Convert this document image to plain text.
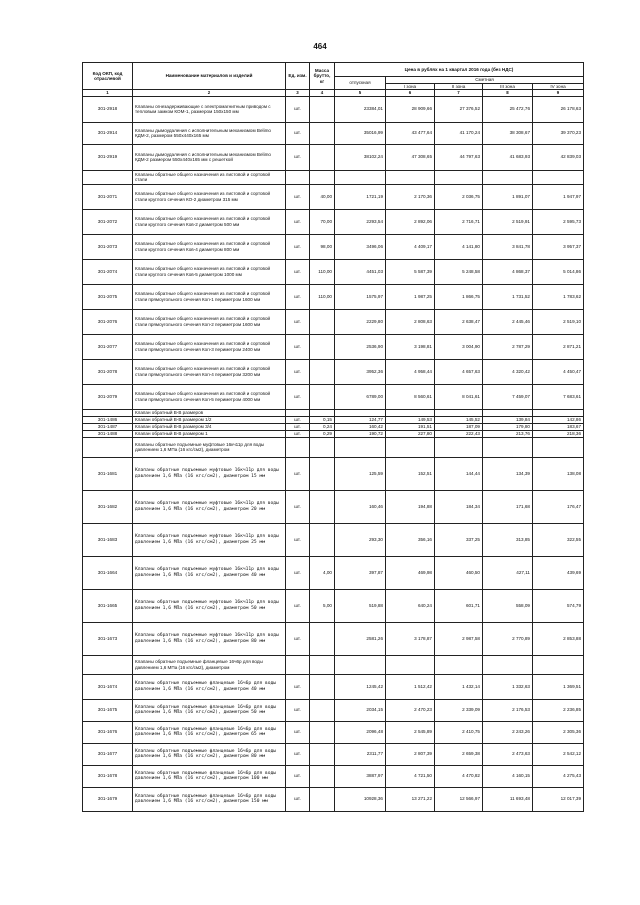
464
Код ОКП, код отраслевой	Наименование материалов и изделий	Ед. изм.	Масса брутто, кг	Цена в рублях на 1 квартал 2016 года (без НДС)				
				отпускная	Сметная			
					I зона	II зона	III зона	IV зона
1	2	3	4	5	6	7	8	9
301-2918	Клапаны огнезадерживающие с электромагнитным приводом с тепловым замком КОМ-1, размером 150х150 мм	шт.		23384,01	28 909,66	27 376,52	25 472,76	26 178,63
301-2914	Клапаны дымоудаления с исполнительным механизмом Belimo КДМ-2, размером 550х440х165 мм	шт.		35016,99	43 477,64	41 170,24	38 308,67	39 370,23
301-2919	Клапаны дымоудаления с исполнительным механизмом Belimo КДМ-2 размером 550х440х165 мм с решеткой	шт.		38102,24	47 308,65	44 797,63	41 683,93	42 839,03
	Клапаны обратные общего назначения из листовой и сортовой стали							
301-2071	Клапаны обратные общего назначения из листовой и сортовой стали круглого сечения КО-2 диаметром 315 мм	шт.	40,00	1721,19	2 170,36	2 036,75	1 891,07	1 947,97
301-2072	Клапаны обратные общего назначения из листовой и сортовой стали круглого сечения Ков-2 диаметром 500 мм	шт.	70,00	2293,54	2 892,06	2 716,71	2 519,91	2 595,73
301-2073	Клапаны обратные общего назначения из листовой и сортовой стали круглого сечения Ков-4 диаметром 800 мм	шт.	98,00	3496,06	4 409,17	4 141,80	3 841,78	3 957,37
301-2074	Клапаны обратные общего назначения из листовой и сортовой стали круглого сечения Ков-5 диаметром 1000 мм	шт.	110,00	4451,03	5 587,39	5 248,58	4 868,37	5 014,86
301-2075	Клапаны обратные общего назначения из листовой и сортовой стали прямоугольного сечения Коп-1 периметром 1600 мм	шт.	110,00	1575,97	1 987,25	1 866,75	1 731,52	1 783,62
301-2076	Клапаны обратные общего назначения из листовой и сортовой стали прямоугольного сечения Коп-2 периметром 1600 мм	шт.		2229,80	2 808,63	2 638,47	2 445,46	2 519,10
301-2077	Клапаны обратные общего назначения из листовой и сортовой стали прямоугольного сечения Коп-3 периметром 2400 мм	шт.		2536,90	3 198,81	3 004,90	2 787,29	2 871,21
301-2078	Клапаны обратные общего назначения из листовой и сортовой стали прямоугольного сечения Коп-4 периметром 3200 мм	шт.		3952,36	4 958,44	4 657,63	4 320,42	4 450,47
301-2079	Клапаны обратные общего назначения из листовой и сортовой стали прямоугольного сечения Коп-5 периметром 4000 мм	шт.		6789,00	8 560,61	8 041,61	7 459,07	7 683,61
	Клапан обратный В-В размеров							
301-1486	Клапан обратный В-В размером 1/2	шт.	0,15	124,77	149,53	145,52	139,84	142,86
301-1487	Клапан обратный В-В размером 3/4	шт.	0,24	160,42	191,51	187,09	179,80	183,67
301-1488	Клапан обратный В-В размером 1	шт.	0,29	190,72	227,80	222,43	213,76	218,36
	Клапаны обратные подъемные муфтовые 16кч11р для воды давлением 1,6 МПа (16 кгс/см2), диаметром							
301-1681	Клапаны обратные подъемные муфтовые 16кч11р для воды давлением 1,6 МПа (16 кгс/см2), диаметром 15 мм	шт.		125,59	152,51	144,44	134,39	138,08
301-1682	Клапаны обратные подъемные муфтовые 16кч11р для воды давлением 1,6 МПа (16 кгс/см2), диаметром 20 мм	шт.		160,46	194,88	184,34	171,68	176,47
301-1683	Клапаны обратные подъемные муфтовые 16кч11р для воды давлением 1,6 МПа (16 кгс/см2), диаметром 25 мм	шт.		293,30	356,16	337,25	313,85	322,55
301-1664	Клапаны обратные подъемные муфтовые 16кч11р для воды давлением 1,6 МПа (16 кгс/см2), диаметром 40 мм	шт.	4,00	397,87	469,98	460,50	427,11	439,69
301-1665	Клапаны обратные подъемные муфтовые 16кч11р для воды давлением 1,6 МПа (16 кгс/см2), диаметром 50 мм	шт.	5,00	519,88	640,24	601,71	558,09	574,79
301-1673	Клапаны обратные подъемные муфтовые 16кч11р для воды давлением 1,6 МПа (16 кгс/см2), диаметром 80 мм	шт.		2581,26	3 178,87	2 987,58	2 770,89	2 853,88
	Клапаны обратные подъемные фланцевые 16ч6р для воды давлением 1,6 МПа (16 кгс/см2), диаметром							
301-1674	Клапаны обратные подъемные фланцевые 16ч6р для воды давлением 1,6 МПа (16 кгс/см2), диаметром 40 мм	шт.		1245,42	1 512,42	1 432,14	1 332,63	1 369,51
301-1675	Клапаны обратные подъемные фланцевые 16ч6р для воды давлением 1,6 МПа (16 кгс/см2), диаметром 50 мм	шт.		2034,15	2 470,23	2 339,09	2 176,53	2 236,85
301-1676	Клапаны обратные подъемные фланцевые 16ч6р для воды давлением 1,6 МПа (16 кгс/см2), диаметром 65 мм	шт.		2096,48	2 545,89	2 410,75	2 243,26	2 305,36
301-1677	Клапаны обратные подъемные фланцевые 16ч6р для воды давлением 1,6 МПа (16 кгс/см2), диаметром 80 мм	шт.		2311,77	2 807,39	2 659,38	2 473,63	2 542,12
301-1678	Клапаны обратные подъемные фланцевые 16ч6р для воды давлением 1,6 МПа (16 кгс/см2), диаметром 100 мм	шт.		3887,97	4 721,50	4 470,82	4 160,15	4 275,43
301-1679	Клапаны обратные подъемные фланцевые 16ч6р для воды давлением 1,6 МПа (16 кгс/см2), диаметром 150 мм	шт.		10928,36	13 271,22	12 566,97	11 693,48	12 017,39
